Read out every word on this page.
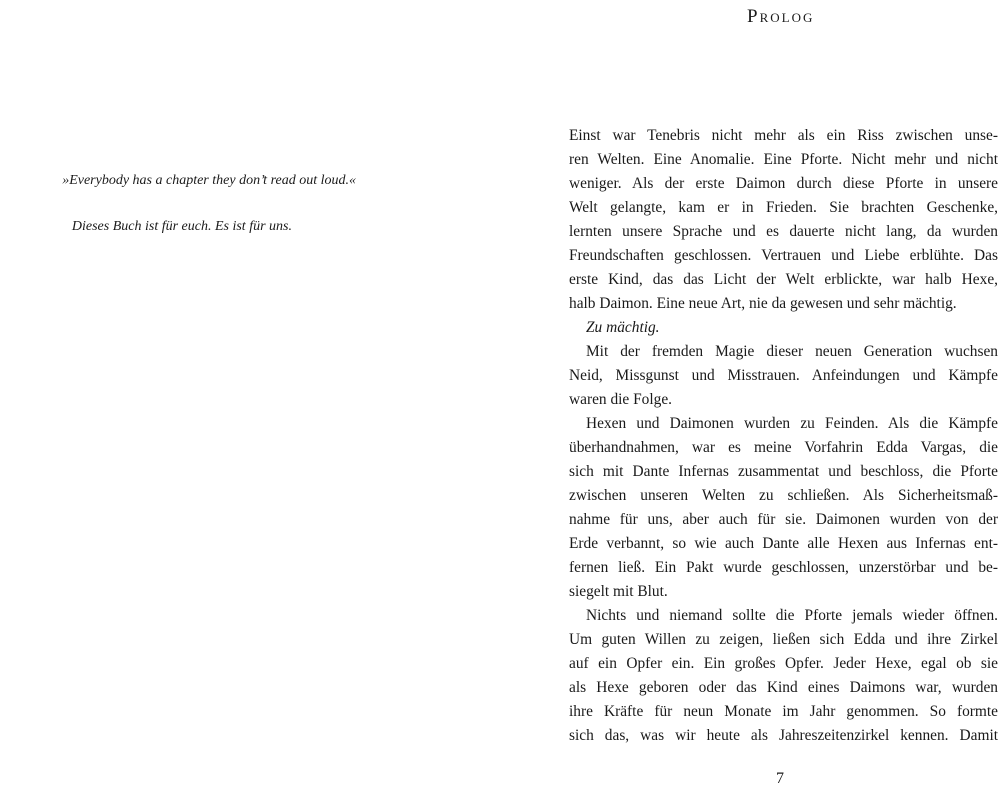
Prolog

»Everybody has a chapter they don’t read out loud.«

Dieses Buch ist für euch. Es ist für uns.

Einst war Tenebris nicht mehr als ein Riss zwischen unse-
ren Welten. Eine Anomalie. Eine Pforte. Nicht mehr und nicht
weniger. Als der erste Daimon durch diese Pforte in unsere
Welt gelangte, kam er in Frieden. Sie brachten Geschenke,
lernten unsere Sprache und es dauerte nicht lang, da wurden
Freundschaften geschlossen. Vertrauen und Liebe erblühte. Das
erste Kind, das das Licht der Welt erblickte, war halb Hexe,
halb Daimon. Eine neue Art, nie da gewesen und sehr mächtig.
Zu mächtig.
Mit der fremden Magie dieser neuen Generation wuchsen
Neid, Missgunst und Misstrauen. Anfeindungen und Kämpfe
waren die Folge.
Hexen und Daimonen wurden zu Feinden. Als die Kämpfe
überhandnahmen, war es meine Vorfahrin Edda Vargas, die
sich mit Dante Infernas zusammentat und beschloss, die Pforte
zwischen unseren Welten zu schließen. Als Sicherheitsmaß-
nahme für uns, aber auch für sie. Daimonen wurden von der
Erde verbannt, so wie auch Dante alle Hexen aus Infernas ent-
fernen ließ. Ein Pakt wurde geschlossen, unzerstörbar und be-
siegelt mit Blut.
Nichts und niemand sollte die Pforte jemals wieder öffnen.
Um guten Willen zu zeigen, ließen sich Edda und ihre Zirkel
auf ein Opfer ein. Ein großes Opfer. Jeder Hexe, egal ob sie
als Hexe geboren oder das Kind eines Daimons war, wurden
ihre Kräfte für neun Monate im Jahr genommen. So formte
sich das, was wir heute als Jahreszeitenzirkel kennen. Damit
7
